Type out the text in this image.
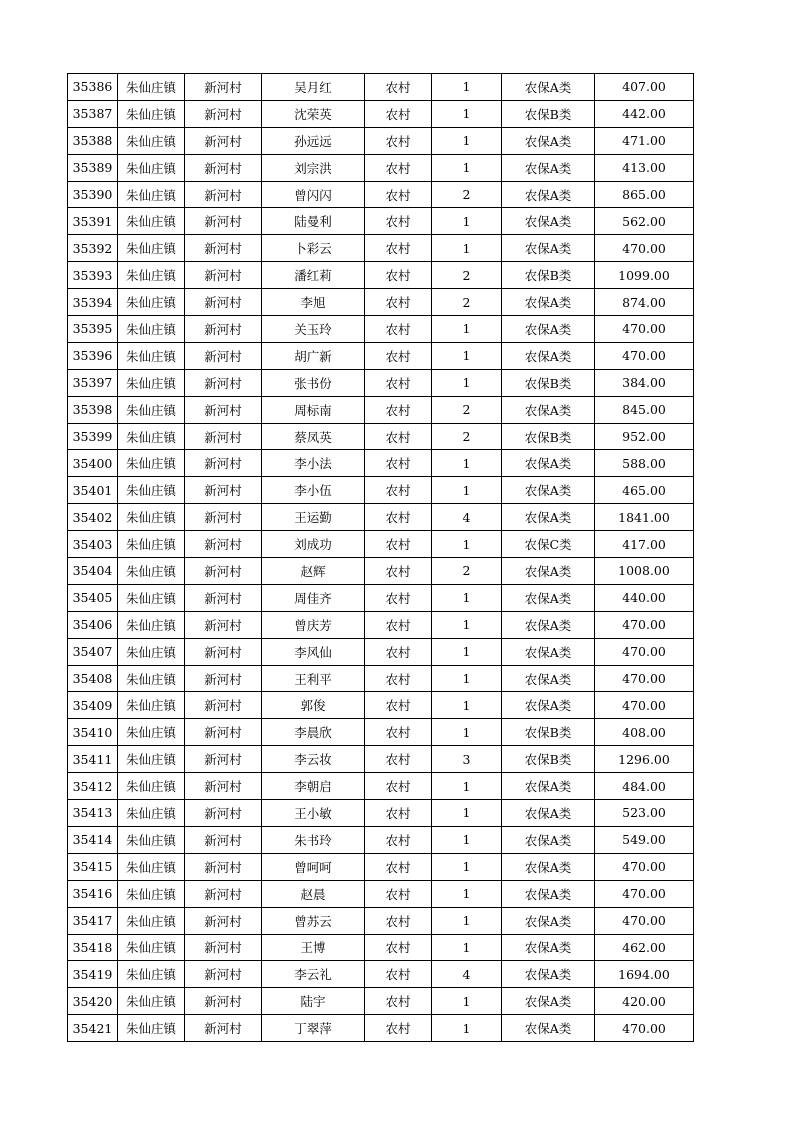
35386	朱仙庄镇	新河村	吴月红	农村	1	农保A类	407.00
35387	朱仙庄镇	新河村	沈荣英	农村	1	农保B类	442.00
35388	朱仙庄镇	新河村	孙远远	农村	1	农保A类	471.00
35389	朱仙庄镇	新河村	刘宗洪	农村	1	农保A类	413.00
35390	朱仙庄镇	新河村	曾闪闪	农村	2	农保A类	865.00
35391	朱仙庄镇	新河村	陆曼利	农村	1	农保A类	562.00
35392	朱仙庄镇	新河村	卜彩云	农村	1	农保A类	470.00
35393	朱仙庄镇	新河村	潘红莉	农村	2	农保B类	1099.00
35394	朱仙庄镇	新河村	李旭	农村	2	农保A类	874.00
35395	朱仙庄镇	新河村	关玉玲	农村	1	农保A类	470.00
35396	朱仙庄镇	新河村	胡广新	农村	1	农保A类	470.00
35397	朱仙庄镇	新河村	张书份	农村	1	农保B类	384.00
35398	朱仙庄镇	新河村	周标南	农村	2	农保A类	845.00
35399	朱仙庄镇	新河村	蔡凤英	农村	2	农保B类	952.00
35400	朱仙庄镇	新河村	李小法	农村	1	农保A类	588.00
35401	朱仙庄镇	新河村	李小伍	农村	1	农保A类	465.00
35402	朱仙庄镇	新河村	王运勤	农村	4	农保A类	1841.00
35403	朱仙庄镇	新河村	刘成功	农村	1	农保C类	417.00
35404	朱仙庄镇	新河村	赵辉	农村	2	农保A类	1008.00
35405	朱仙庄镇	新河村	周佳齐	农村	1	农保A类	440.00
35406	朱仙庄镇	新河村	曾庆芳	农村	1	农保A类	470.00
35407	朱仙庄镇	新河村	李风仙	农村	1	农保A类	470.00
35408	朱仙庄镇	新河村	王利平	农村	1	农保A类	470.00
35409	朱仙庄镇	新河村	郭俊	农村	1	农保A类	470.00
35410	朱仙庄镇	新河村	李晨欣	农村	1	农保B类	408.00
35411	朱仙庄镇	新河村	李云妆	农村	3	农保B类	1296.00
35412	朱仙庄镇	新河村	李朝启	农村	1	农保A类	484.00
35413	朱仙庄镇	新河村	王小敏	农村	1	农保A类	523.00
35414	朱仙庄镇	新河村	朱书玲	农村	1	农保A类	549.00
35415	朱仙庄镇	新河村	曾呵呵	农村	1	农保A类	470.00
35416	朱仙庄镇	新河村	赵晨	农村	1	农保A类	470.00
35417	朱仙庄镇	新河村	曾苏云	农村	1	农保A类	470.00
35418	朱仙庄镇	新河村	王博	农村	1	农保A类	462.00
35419	朱仙庄镇	新河村	李云礼	农村	4	农保A类	1694.00
35420	朱仙庄镇	新河村	陆宇	农村	1	农保A类	420.00
35421	朱仙庄镇	新河村	丁翠萍	农村	1	农保A类	470.00
